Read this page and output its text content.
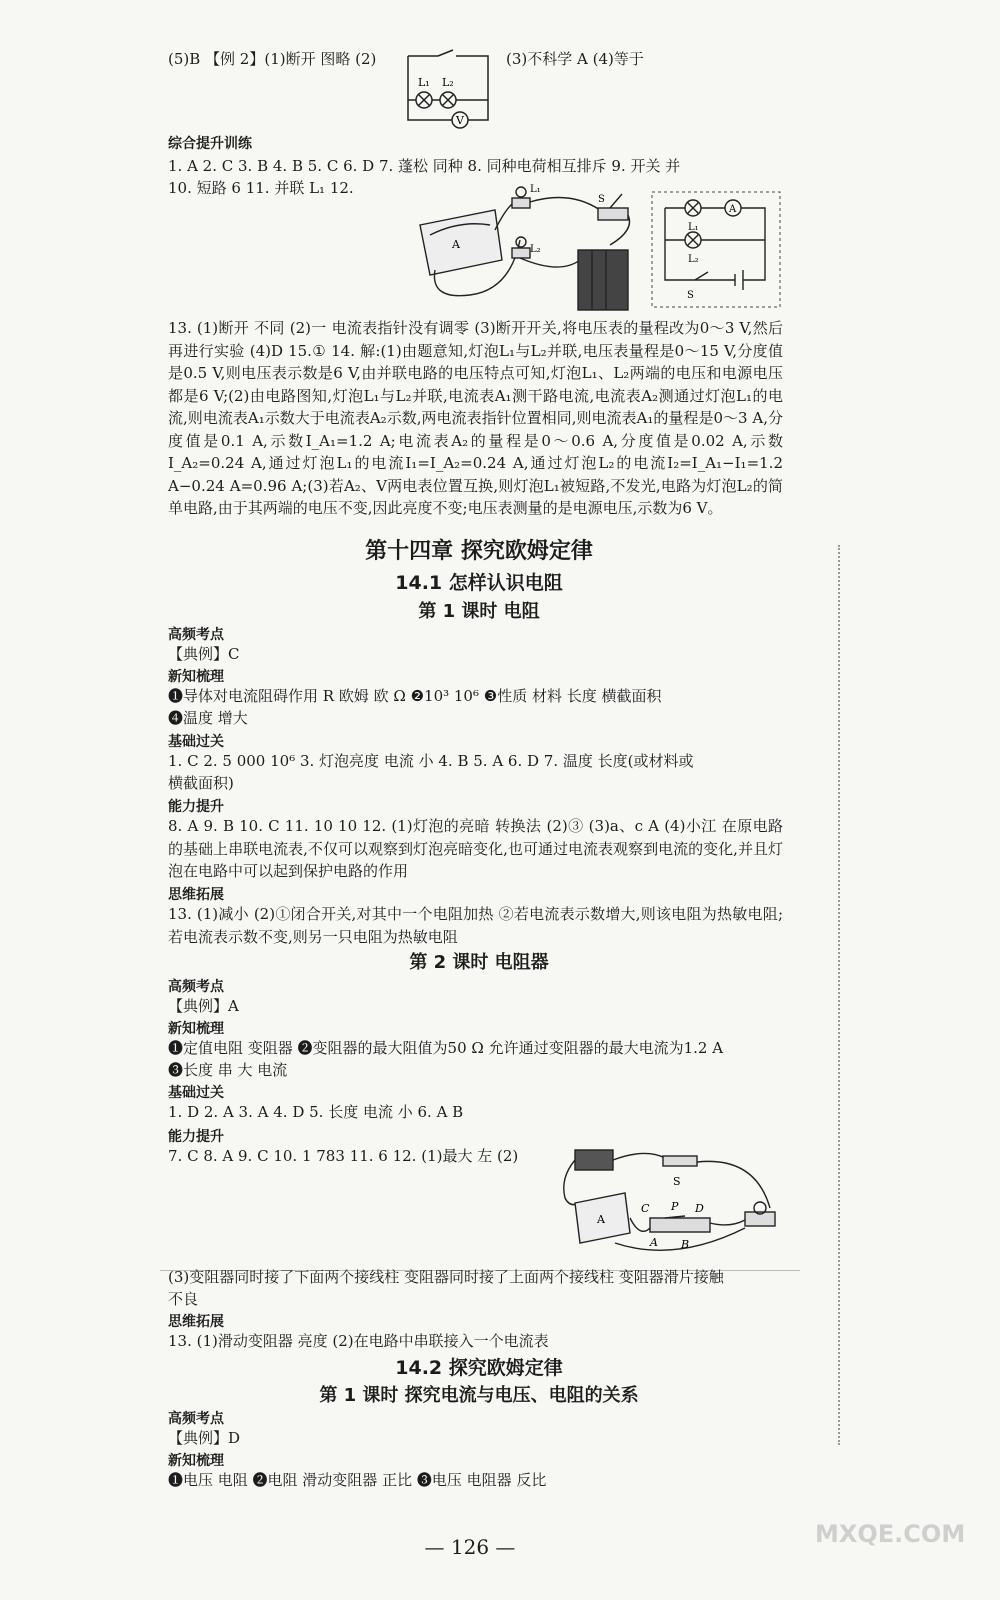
(5)B 【例 2】(1)断开 图略 (2)	(3)不科学 A (4)等于
L₁ L₂
V
综合提升训练
1. A 2. C 3. B 4. B 5. C 6. D 7. 蓬松 同种 8. 同种电荷相互排斥 9. 开关 并
10. 短路 6 11. 并联 L₁ 12.
A
L₁
L₂
S
A
L₁
L₂
S
13. (1)断开 不同 (2)一 电流表指针没有调零 (3)断开开关,将电压表的量程改为0～3 V,然后再进行实验 (4)D 15.① 14. 解:(1)由题意知,灯泡L₁与L₂并联,电压表量程是0～15 V,分度值是0.5 V,则电压表示数是6 V,由并联电路的电压特点可知,灯泡L₁、L₂两端的电压和电源电压都是6 V;(2)由电路图知,灯泡L₁与L₂并联,电流表A₁测干路电流,电流表A₂测通过灯泡L₁的电流,则电流表A₁示数大于电流表A₂示数,两电流表指针位置相同,则电流表A₁的量程是0～3 A,分度值是0.1 A,示数I_A₁=1.2 A;电流表A₂的量程是0～0.6 A,分度值是0.02 A,示数I_A₂=0.24 A,通过灯泡L₁的电流I₁=I_A₂=0.24 A,通过灯泡L₂的电流I₂=I_A₁−I₁=1.2 A−0.24 A=0.96 A;(3)若A₂、V两电表位置互换,则灯泡L₁被短路,不发光,电路为灯泡L₂的简单电路,由于其两端的电压不变,因此亮度不变;电压表测量的是电源电压,示数为6 V。
第十四章 探究欧姆定律
14.1 怎样认识电阻
第 1 课时 电阻
高频考点
【典例】C
新知梳理
❶导体对电流阻碍作用 R 欧姆 欧 Ω ❷10³ 10⁶ ❸性质 材料 长度 横截面积
❹温度 增大
基础过关
1. C 2. 5 000 10⁶ 3. 灯泡亮度 电流 小 4. B 5. A 6. D 7. 温度 长度(或材料或
横截面积)
能力提升
8. A 9. B 10. C 11. 10 10 12. (1)灯泡的亮暗 转换法 (2)③ (3)a、c A (4)小江 在原电路的基础上串联电流表,不仅可以观察到灯泡亮暗变化,也可通过电流表观察到电流的变化,并且灯泡在电路中可以起到保护电路的作用
思维拓展
13. (1)减小 (2)①闭合开关,对其中一个电阻加热 ②若电流表示数增大,则该电阻为热敏电阻;若电流表示数不变,则另一只电阻为热敏电阻
第 2 课时 电阻器
高频考点
【典例】A
新知梳理
❶定值电阻 变阻器 ❷变阻器的最大阻值为50 Ω 允许通过变阻器的最大电流为1.2 A
❸长度 串 大 电流
基础过关
1. D 2. A 3. A 4. D 5. 长度 电流 小 6. A B
能力提升
7. C 8. A 9. C 10. 1 783 11. 6 12. (1)最大 左 (2)
A
S
C P D
A B
(3)变阻器同时接了下面两个接线柱 变阻器同时接了上面两个接线柱 变阻器滑片接触
不良
思维拓展
13. (1)滑动变阻器 亮度 (2)在电路中串联接入一个电流表
14.2 探究欧姆定律
第 1 课时 探究电流与电压、电阻的关系
高频考点
【典例】D
新知梳理
❶电压 电阻 ❷电阻 滑动变阻器 正比 ❸电压 电阻器 反比
— 126 —	MXQE.COM
